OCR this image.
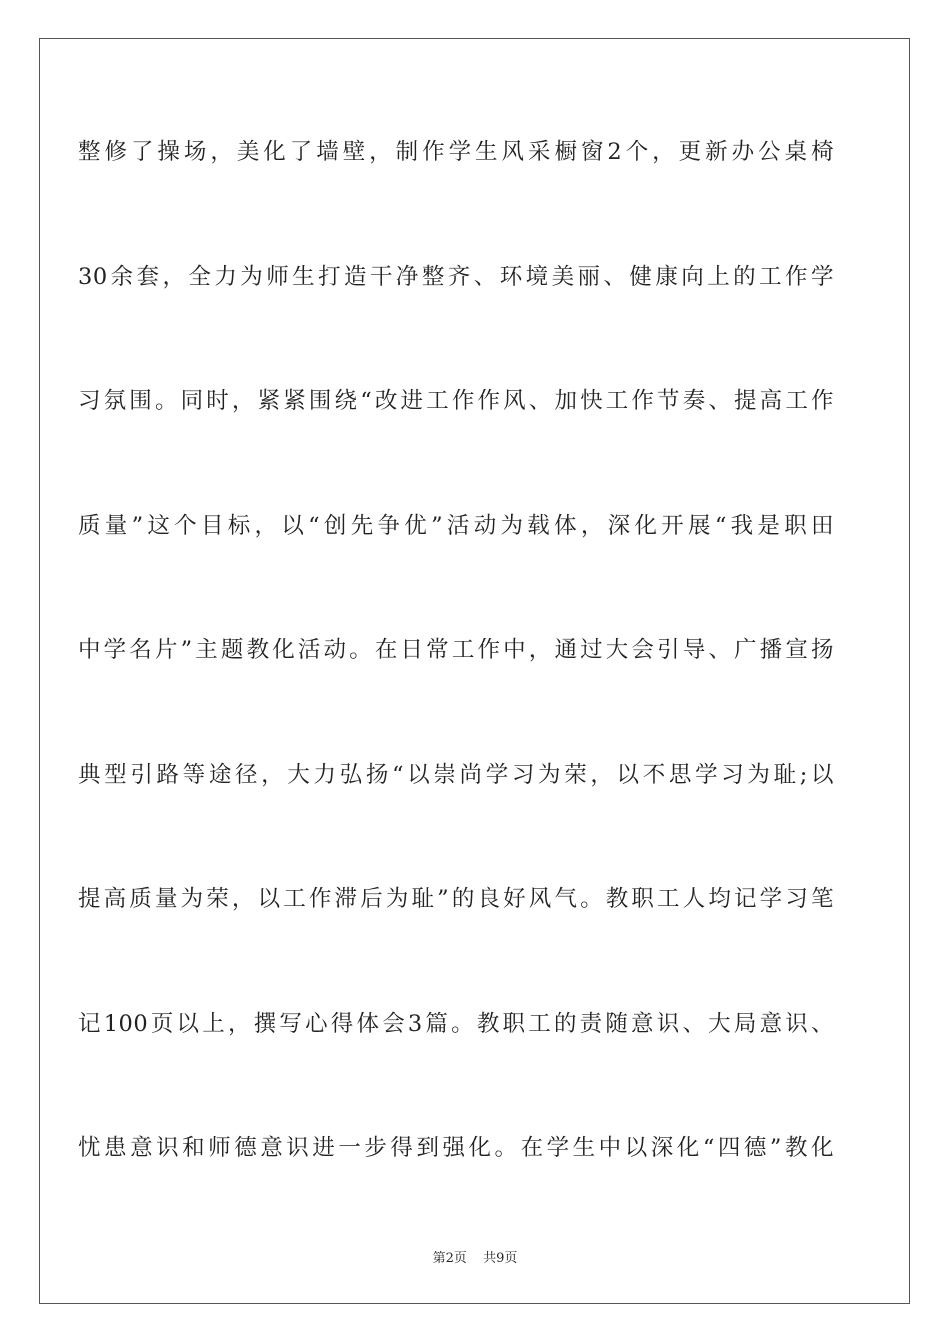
整修了操场，美化了墙壁，制作学生风采橱窗2个，更新办公桌椅
30余套，全力为师生打造干净整齐、环境美丽、健康向上的工作学
习氛围。同时，紧紧围绕“改进工作作风、加快工作节奏、提高工作
质量”这个目标，以“创先争优”活动为载体，深化开展“我是职田
中学名片”主题教化活动。在日常工作中，通过大会引导、广播宣扬
典型引路等途径，大力弘扬“以崇尚学习为荣，以不思学习为耻;以
提高质量为荣，以工作滞后为耻”的良好风气。教职工人均记学习笔
记100页以上，撰写心得体会3篇。教职工的责随意识、大局意识、
忧患意识和师德意识进一步得到强化。在学生中以深化“四德”教化
第2页 共9页
